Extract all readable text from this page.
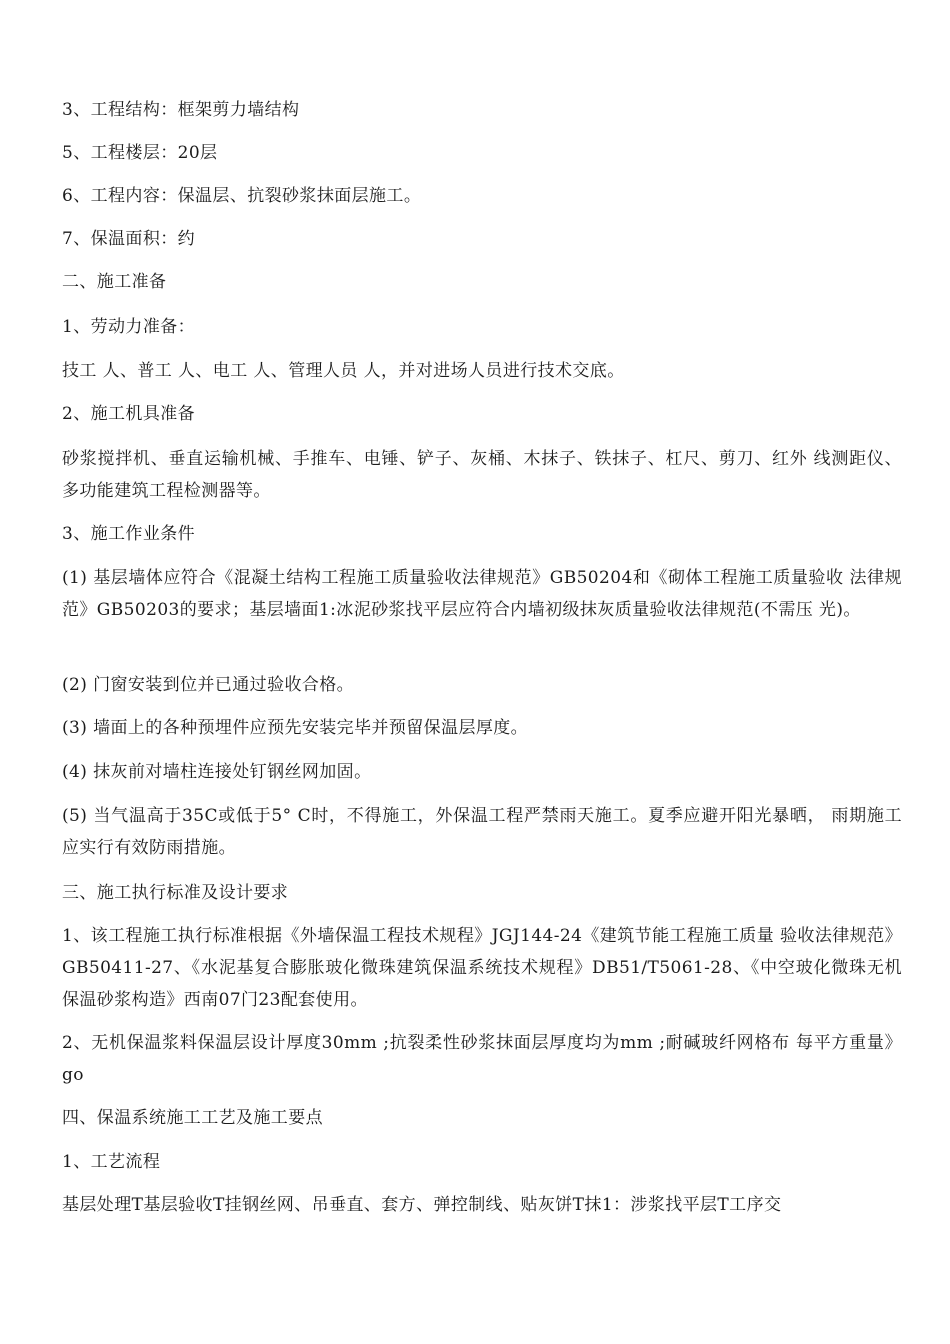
3、工程结构：框架剪力墙结构
5、工程楼层：20层
6、工程内容：保温层、抗裂砂浆抹面层施工。
7、保温面积：约
二、施工准备
1、劳动力准备：
技工 人、普工 人、电工 人、管理人员 人，并对进场人员进行技术交底。
2、施工机具准备
砂浆搅拌机、垂直运输机械、手推车、电锤、铲子、灰桶、木抹子、铁抹子、杠尺、剪刀、红外 线测距仪、多功能建筑工程检测器等。
3、施工作业条件
(1) 基层墙体应符合《混凝土结构工程施工质量验收法律规范》GB50204和《砌体工程施工质量验收 法律规范》GB50203的要求；基层墙面1:冰泥砂浆找平层应符合内墙初级抹灰质量验收法律规范(不需压 光)。
(2) 门窗安装到位并已通过验收合格。
(3) 墙面上的各种预埋件应预先安装完毕并预留保温层厚度。
(4) 抹灰前对墙柱连接处钉钢丝网加固。
(5) 当气温高于35C或低于5° C时，不得施工，外保温工程严禁雨天施工。夏季应避开阳光暴晒， 雨期施工应实行有效防雨措施。
三、施工执行标准及设计要求
1、该工程施工执行标准根据《外墙保温工程技术规程》JGJ144-24《建筑节能工程施工质量 验收法律规范》GB50411-27、《水泥基复合膨胀玻化微珠建筑保温系统技术规程》DB51/T5061-28、《中空玻化微珠无机保温砂浆构造》西南07门23配套使用。
2、无机保温浆料保温层设计厚度30mm ;抗裂柔性砂浆抹面层厚度均为mm ;耐碱玻纤网格布 每平方重量》go
四、保温系统施工工艺及施工要点
1、工艺流程
基层处理T基层验收T挂钢丝网、吊垂直、套方、弹控制线、贴灰饼T抹1：涉浆找平层T工序交
